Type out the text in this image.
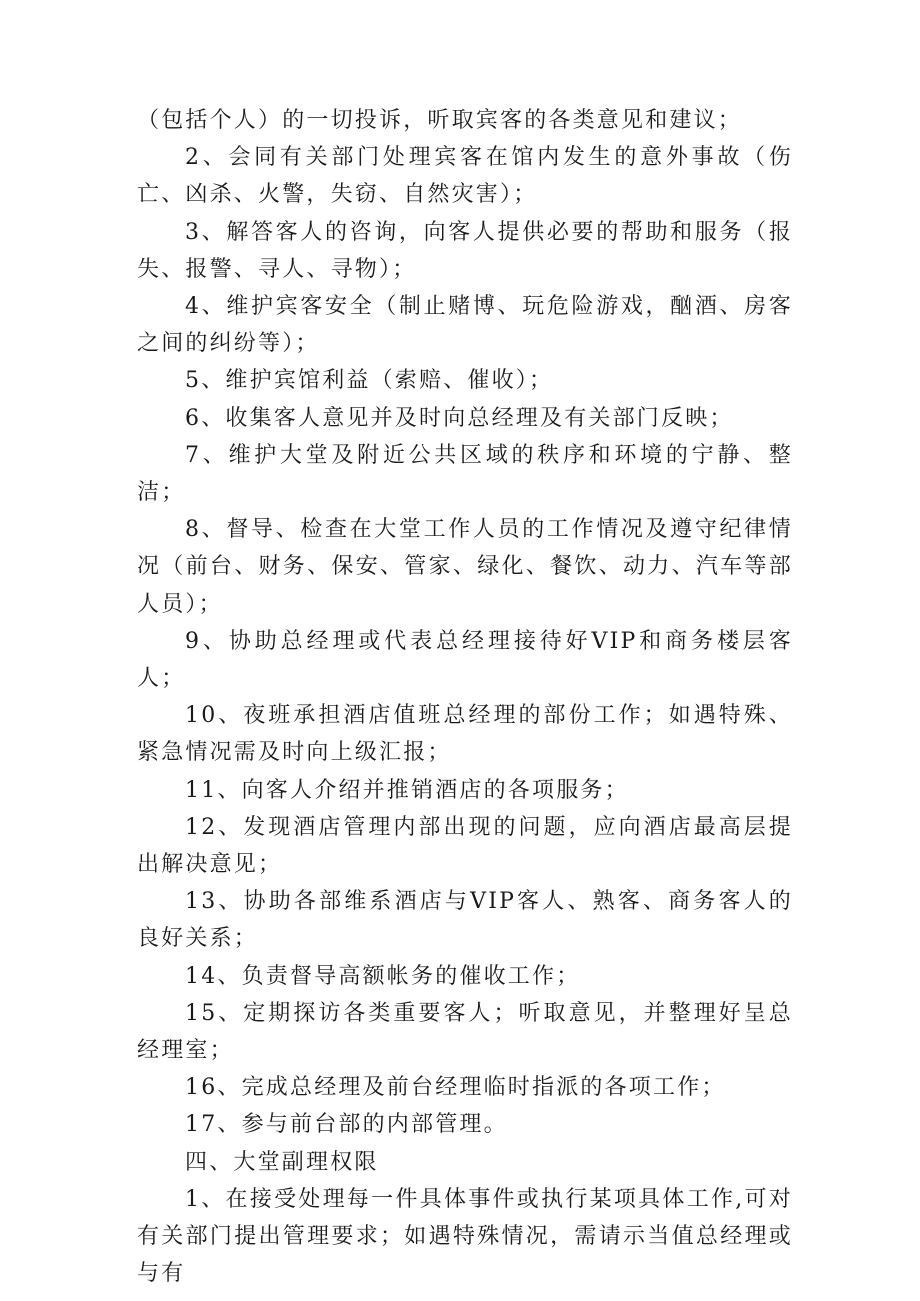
（包括个人）的一切投诉，听取宾客的各类意见和建议；

2、会同有关部门处理宾客在馆内发生的意外事故（伤亡、凶杀、火警，失窃、自然灾害）；

3、解答客人的咨询，向客人提供必要的帮助和服务（报失、报警、寻人、寻物）；

4、维护宾客安全（制止赌博、玩危险游戏，酗酒、房客之间的纠纷等）；

5、维护宾馆利益（索赔、催收）；

6、收集客人意见并及时向总经理及有关部门反映；

7、维护大堂及附近公共区域的秩序和环境的宁静、整洁；

8、督导、检查在大堂工作人员的工作情况及遵守纪律情况（前台、财务、保安、管家、绿化、餐饮、动力、汽车等部人员）；

9、协助总经理或代表总经理接待好VIP和商务楼层客人；

10、夜班承担酒店值班总经理的部份工作；如遇特殊、紧急情况需及时向上级汇报；

11、向客人介绍并推销酒店的各项服务；

12、发现酒店管理内部出现的问题，应向酒店最高层提出解决意见；

13、协助各部维系酒店与VIP客人、熟客、商务客人的良好关系；

14、负责督导高额帐务的催收工作；

15、定期探访各类重要客人；听取意见，并整理好呈总经理室；

16、完成总经理及前台经理临时指派的各项工作；

17、参与前台部的内部管理。

四、大堂副理权限

1、在接受处理每一件具体事件或执行某项具体工作,可对有关部门提出管理要求；如遇特殊情况，需请示当值总经理或与有
